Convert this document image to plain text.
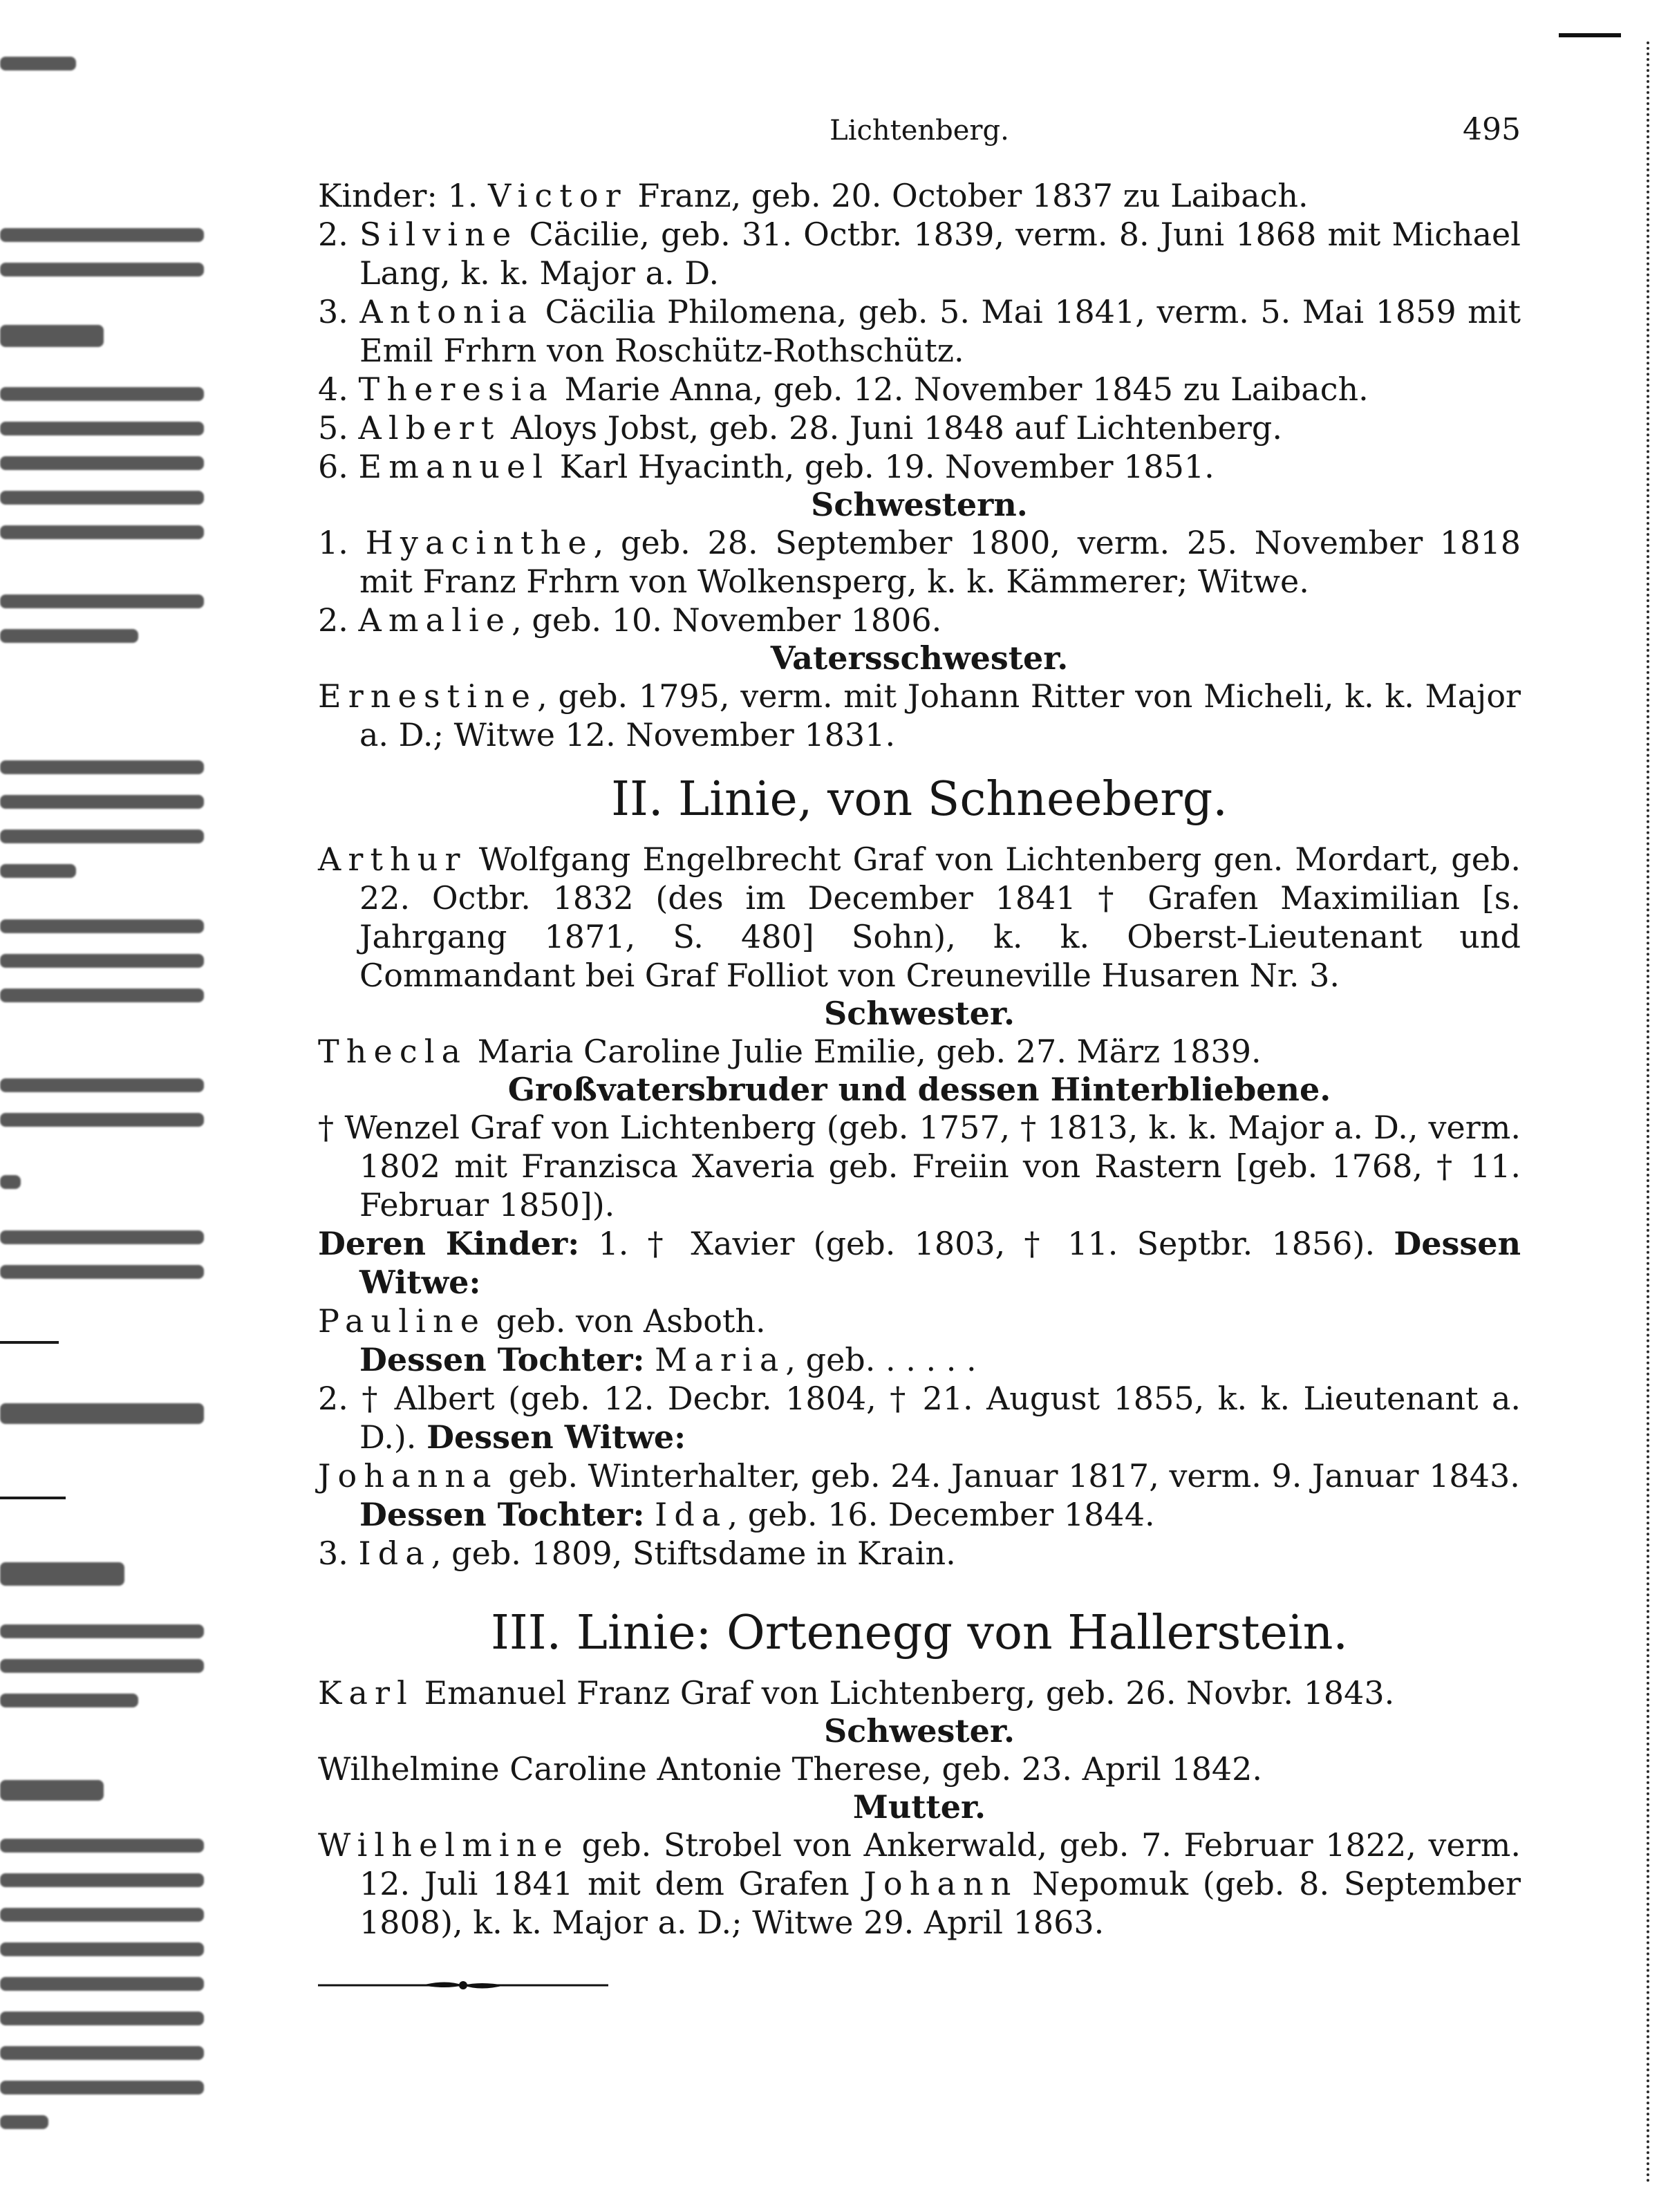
Lichtenberg.	495

Kinder: 1. Victor Franz, geb. 20. October 1837 zu Laibach.

2. Silvine Cäcilie, geb. 31. Octbr. 1839, verm. 8. Juni 1868 mit Michael Lang, k. k. Major a. D.

3. Antonia Cäcilia Philomena, geb. 5. Mai 1841, verm. 5. Mai 1859 mit Emil Frhrn von Roschütz-Rothschütz.

4. Theresia Marie Anna, geb. 12. November 1845 zu Laibach.

5. Albert Aloys Jobst, geb. 28. Juni 1848 auf Lichtenberg.

6. Emanuel Karl Hyacinth, geb. 19. November 1851.

Schwestern.

1. Hyacinthe, geb. 28. September 1800, verm. 25. November 1818 mit Franz Frhrn von Wolkensperg, k. k. Kämmerer; Witwe.

2. Amalie, geb. 10. November 1806.

Vatersschwester.

Ernestine, geb. 1795, verm. mit Johann Ritter von Micheli, k. k. Major a. D.; Witwe 12. November 1831.

II. Linie, von Schneeberg.

Arthur Wolfgang Engelbrecht Graf von Lichtenberg gen. Mordart, geb. 22. Octbr. 1832 (des im December 1841 † Grafen Maximilian [s. Jahrgang 1871, S. 480] Sohn), k. k. Oberst-Lieutenant und Commandant bei Graf Folliot von Creuneville Husaren Nr. 3.

Schwester.

Thecla Maria Caroline Julie Emilie, geb. 27. März 1839.

Großvatersbruder und dessen Hinterbliebene.

† Wenzel Graf von Lichtenberg (geb. 1757, † 1813, k. k. Major a. D., verm. 1802 mit Franzisca Xaveria geb. Freiin von Rastern [geb. 1768, † 11. Februar 1850]).

Deren Kinder: 1. † Xavier (geb. 1803, † 11. Septbr. 1856). Dessen Witwe:

Pauline geb. von Asboth.

Dessen Tochter: Maria, geb. . . . . .

2. † Albert (geb. 12. Decbr. 1804, † 21. August 1855, k. k. Lieutenant a. D.). Dessen Witwe:

Johanna geb. Winterhalter, geb. 24. Januar 1817, verm. 9. Januar 1843.

Dessen Tochter: Ida, geb. 16. December 1844.

3. Ida, geb. 1809, Stiftsdame in Krain.

III. Linie: Ortenegg von Hallerstein.

Karl Emanuel Franz Graf von Lichtenberg, geb. 26. Novbr. 1843.

Schwester.

Wilhelmine Caroline Antonie Therese, geb. 23. April 1842.

Mutter.

Wilhelmine geb. Strobel von Ankerwald, geb. 7. Februar 1822, verm. 12. Juli 1841 mit dem Grafen Johann Nepomuk (geb. 8. September 1808), k. k. Major a. D.; Witwe 29. April 1863.
